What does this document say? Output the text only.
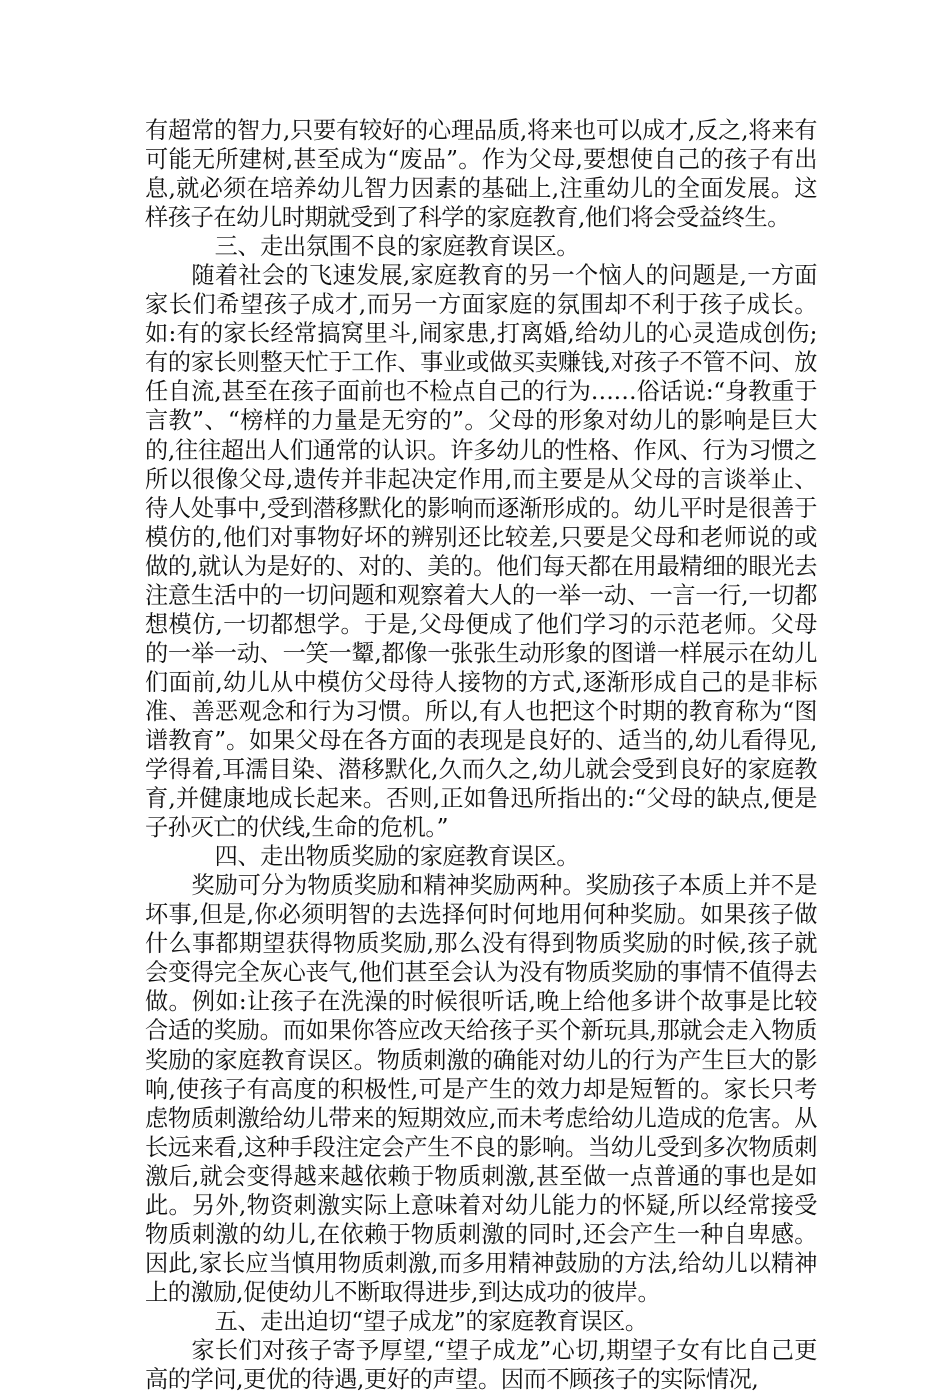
有超常的智力,只要有较好的心理品质,将来也可以成才,反之,将来有可能无所建树,甚至成为“废品”。作为父母,要想使自己的孩子有出息,就必须在培养幼儿智力因素的基础上,注重幼儿的全面发展。这样孩子在幼儿时期就受到了科学的家庭教育,他们将会受益终生。

三、走出氛围不良的家庭教育误区。

随着社会的飞速发展,家庭教育的另一个恼人的问题是,一方面家长们希望孩子成才,而另一方面家庭的氛围却不利于孩子成长。如:有的家长经常搞窝里斗,闹家患,打离婚,给幼儿的心灵造成创伤;有的家长则整天忙于工作、事业或做买卖赚钱,对孩子不管不问、放任自流,甚至在孩子面前也不检点自己的行为……俗话说:“身教重于言教”、“榜样的力量是无穷的”。父母的形象对幼儿的影响是巨大的,往往超出人们通常的认识。许多幼儿的性格、作风、行为习惯之所以很像父母,遗传并非起决定作用,而主要是从父母的言谈举止、待人处事中,受到潜移默化的影响而逐渐形成的。幼儿平时是很善于模仿的,他们对事物好坏的辨别还比较差,只要是父母和老师说的或做的,就认为是好的、对的、美的。他们每天都在用最精细的眼光去注意生活中的一切问题和观察着大人的一举一动、一言一行,一切都想模仿,一切都想学。于是,父母便成了他们学习的示范老师。父母的一举一动、一笑一颦,都像一张张生动形象的图谱一样展示在幼儿们面前,幼儿从中模仿父母待人接物的方式,逐渐形成自己的是非标准、善恶观念和行为习惯。所以,有人也把这个时期的教育称为“图谱教育”。如果父母在各方面的表现是良好的、适当的,幼儿看得见,学得着,耳濡目染、潜移默化,久而久之,幼儿就会受到良好的家庭教育,并健康地成长起来。否则,正如鲁迅所指出的:“父母的缺点,便是子孙灭亡的伏线,生命的危机。”

四、走出物质奖励的家庭教育误区。

奖励可分为物质奖励和精神奖励两种。奖励孩子本质上并不是坏事,但是,你必须明智的去选择何时何地用何种奖励。如果孩子做什么事都期望获得物质奖励,那么没有得到物质奖励的时候,孩子就会变得完全灰心丧气,他们甚至会认为没有物质奖励的事情不值得去做。例如:让孩子在洗澡的时候很听话,晚上给他多讲个故事是比较合适的奖励。而如果你答应改天给孩子买个新玩具,那就会走入物质奖励的家庭教育误区。物质刺激的确能对幼儿的行为产生巨大的影响,使孩子有高度的积极性,可是产生的效力却是短暂的。家长只考虑物质刺激给幼儿带来的短期效应,而未考虑给幼儿造成的危害。从长远来看,这种手段注定会产生不良的影响。当幼儿受到多次物质刺激后,就会变得越来越依赖于物质刺激,甚至做一点普通的事也是如此。另外,物资刺激实际上意味着对幼儿能力的怀疑,所以经常接受物质刺激的幼儿,在依赖于物质刺激的同时,还会产生一种自卑感。因此,家长应当慎用物质刺激,而多用精神鼓励的方法,给幼儿以精神上的激励,促使幼儿不断取得进步,到达成功的彼岸。

五、走出迫切“望子成龙”的家庭教育误区。

家长们对孩子寄予厚望,“望子成龙”心切,期望子女有比自己更高的学问,更优的待遇,更好的声望。因而不顾孩子的实际情况,
